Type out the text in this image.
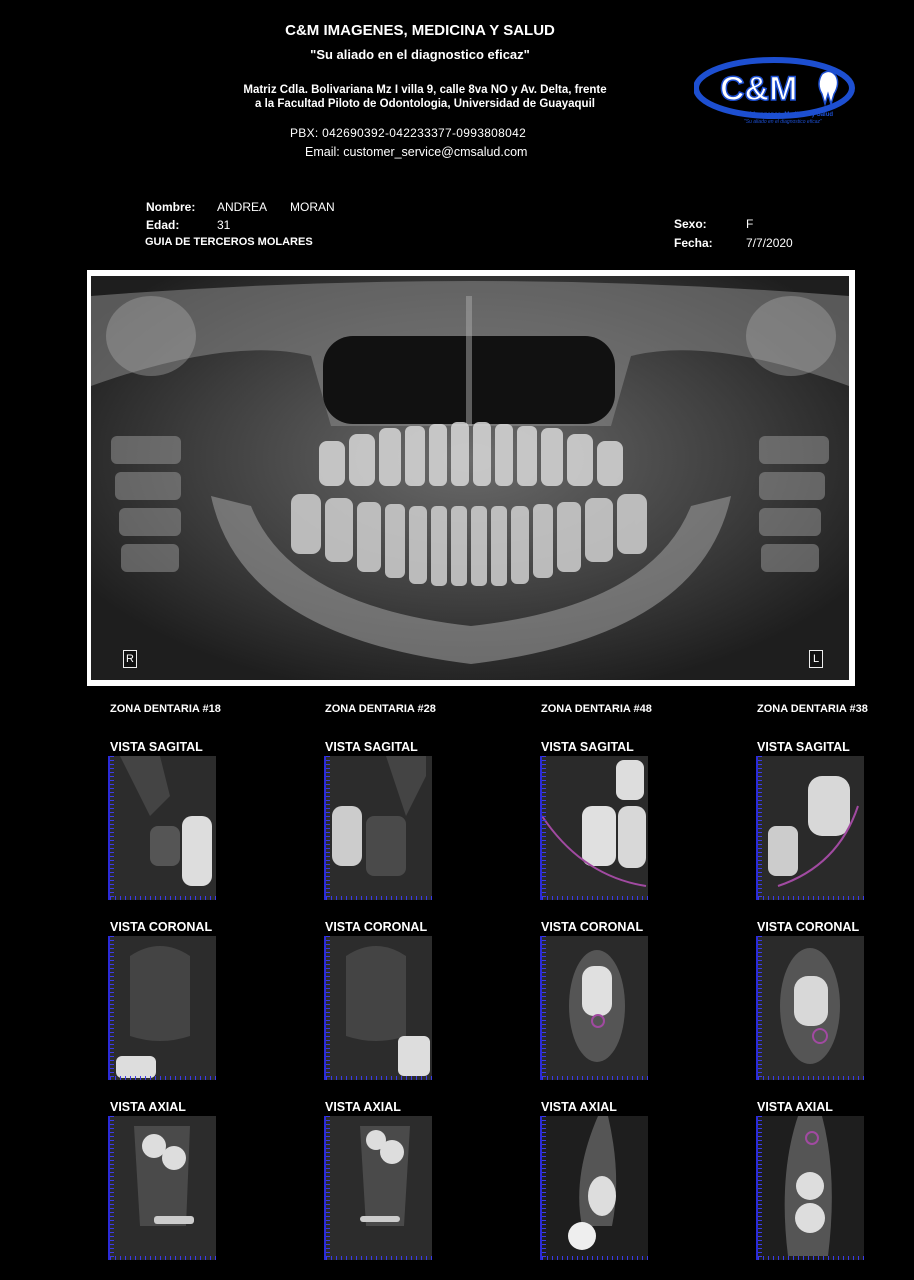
C&M IMAGENES, MEDICINA Y SALUD
"Su aliado en el diagnostico eficaz"
Matriz Cdla. Bolivariana Mz I villa 9, calle 8va NO y Av. Delta, frente
a la Facultad Piloto de Odontologia, Universidad de Guayaquil
PBX: 042690392-042233377-0993808042
Email: customer_service@cmsalud.com
C&M
C&M Imagenes, Medicina y Salud
"Su aliado en el diagnostico eficaz"
Nombre: ANDREA MORAN
Edad:	31
GUIA DE TERCEROS MOLARES
Sexo:	F
Fecha:	7/7/2020
R	L
ZONA DENTARIA #18	ZONA DENTARIA #28	ZONA DENTARIA #48	ZONA DENTARIA #38
VISTA SAGITAL	VISTA SAGITAL	VISTA SAGITAL	VISTA SAGITAL
VISTA CORONAL	VISTA CORONAL	VISTA CORONAL	VISTA CORONAL
VISTA AXIAL	VISTA AXIAL	VISTA AXIAL	VISTA AXIAL
